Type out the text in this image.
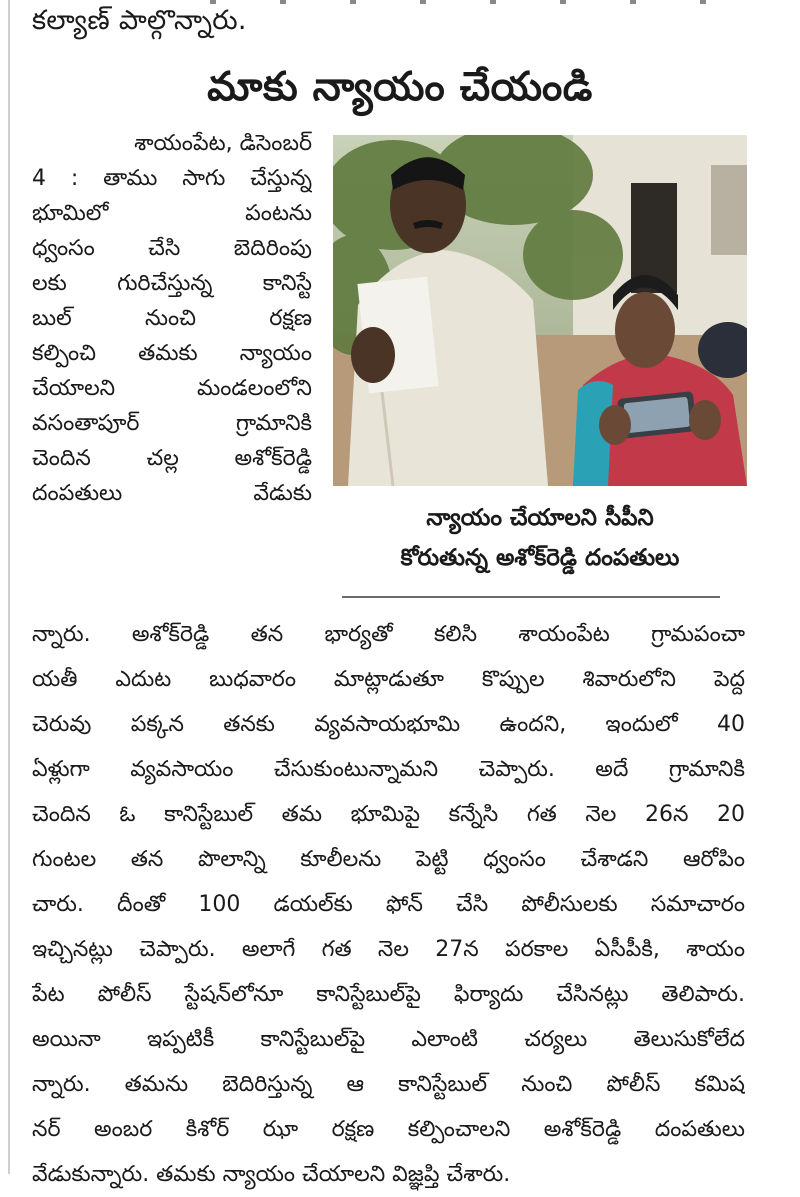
కల్యాణ్ పాల్గొన్నారు.
మాకు న్యాయం చేయండి
శాయంపేట, డిసెంబర్
4 : తాము సాగు చేస్తున్న
భూమిలో పంటను
ధ్వంసం చేసి బెదిరింపు
లకు గురిచేస్తున్న కానిస్టే
బుల్ నుంచి రక్షణ
కల్పించి తమకు న్యాయం
చేయాలని మండలంలోని
వసంతాపూర్ గ్రామానికి
చెందిన చల్ల అశోక్‌రెడ్డి
దంపతులు వేడుకు
న్యాయం చేయాలని సీపీని
కోరుతున్న అశోక్‌రెడ్డి దంపతులు
న్నారు. అశోక్‌రెడ్డి తన భార్యతో కలిసి శాయంపేట గ్రామపంచా
యతీ ఎదుట బుధవారం మాట్లాడుతూ కొప్పుల శివారులోని పెద్ద
చెరువు పక్కన తనకు వ్యవసాయభూమి ఉందని, ఇందులో 40
ఏళ్లుగా వ్యవసాయం చేసుకుంటున్నామని చెప్పారు. అదే గ్రామానికి
చెందిన ఓ కానిస్టేబుల్ తమ భూమిపై కన్నేసి గత నెల 26న 20
గుంటల తన పొలాన్ని కూలీలను పెట్టి ధ్వంసం చేశాడని ఆరోపిం
చారు. దీంతో 100 డయల్‌కు ఫోన్ చేసి పోలీసులకు సమాచారం
ఇచ్చినట్లు చెప్పారు. అలాగే గత నెల 27న పరకాల ఏసీపీకి, శాయం
పేట పోలీస్ స్టేషన్‌లోనూ కానిస్టేబుల్‌పై ఫిర్యాదు చేసినట్లు తెలిపారు.
అయినా ఇప్పటికీ కానిస్టేబుల్‌పై ఎలాంటి చర్యలు తెలుసుకోలేద
న్నారు. తమను బెదిరిస్తున్న ఆ కానిస్టేబుల్ నుంచి పోలీస్ కమిష
నర్ అంబర కిశోర్ ఝా రక్షణ కల్పించాలని అశోక్‌రెడ్డి దంపతులు
వేడుకున్నారు. తమకు న్యాయం చేయాలని విజ్ఞప్తి చేశారు.
